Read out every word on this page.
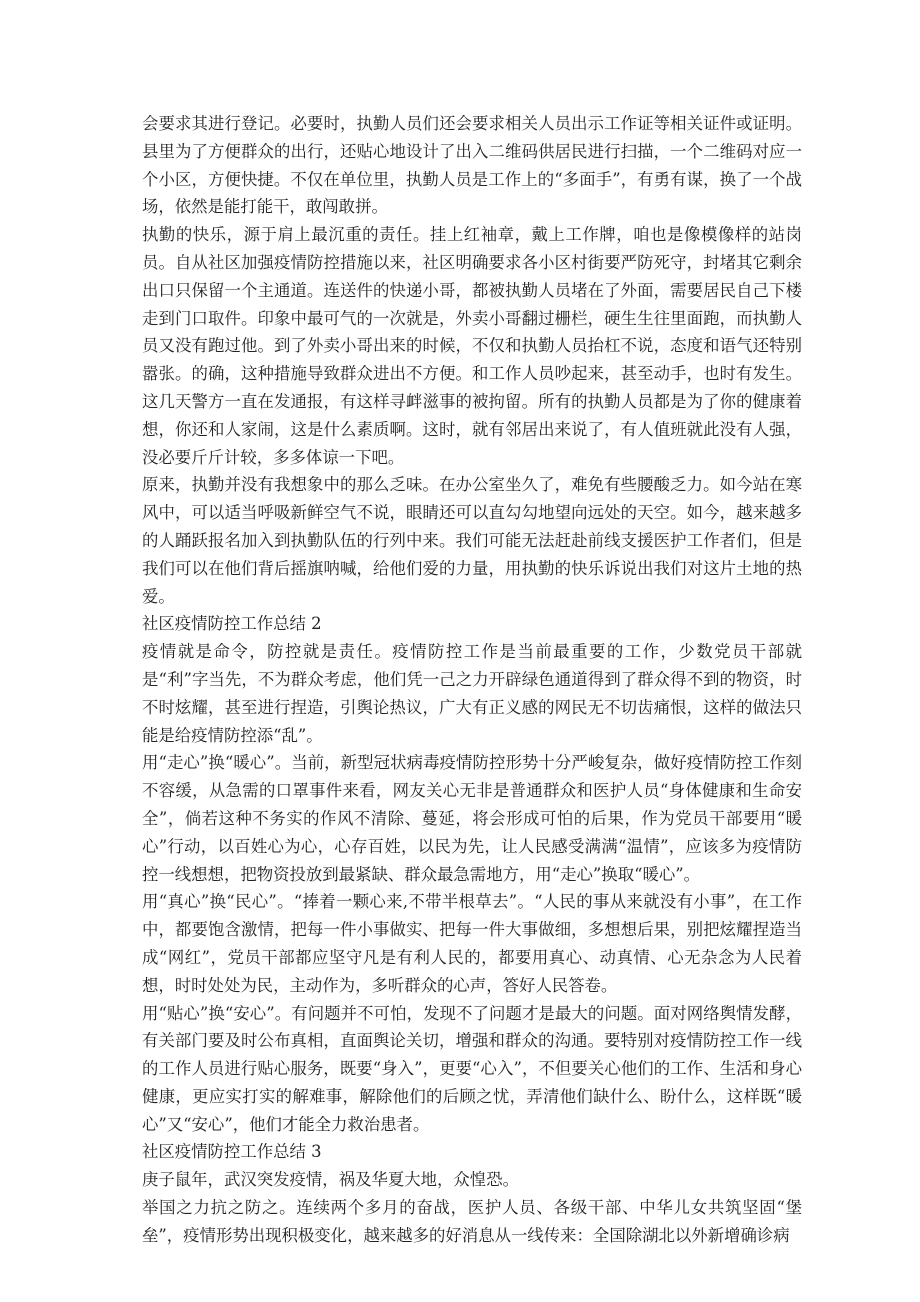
会要求其进行登记。必要时，执勤人员们还会要求相关人员出示工作证等相关证件或证明。县里为了方便群众的出行，还贴心地设计了出入二维码供居民进行扫描，一个二维码对应一个小区，方便快捷。不仅在单位里，执勤人员是工作上的“多面手”，有勇有谋，换了一个战场，依然是能打能干，敢闯敢拼。

执勤的快乐，源于肩上最沉重的责任。挂上红袖章，戴上工作牌，咱也是像模像样的站岗员。自从社区加强疫情防控措施以来，社区明确要求各小区村街要严防死守，封堵其它剩余出口只保留一个主通道。连送件的快递小哥，都被执勤人员堵在了外面，需要居民自己下楼走到门口取件。印象中最可气的一次就是，外卖小哥翻过栅栏，硬生生往里面跑，而执勤人员又没有跑过他。到了外卖小哥出来的时候，不仅和执勤人员抬杠不说，态度和语气还特别嚣张。的确，这种措施导致群众进出不方便。和工作人员吵起来，甚至动手，也时有发生。这几天警方一直在发通报，有这样寻衅滋事的被拘留。所有的执勤人员都是为了你的健康着想，你还和人家闹，这是什么素质啊。这时，就有邻居出来说了，有人值班就此没有人强，没必要斤斤计较，多多体谅一下吧。

原来，执勤并没有我想象中的那么乏味。在办公室坐久了，难免有些腰酸乏力。如今站在寒风中，可以适当呼吸新鲜空气不说，眼睛还可以直勾勾地望向远处的天空。如今，越来越多的人踊跃报名加入到执勤队伍的行列中来。我们可能无法赶赴前线支援医护工作者们，但是我们可以在他们背后摇旗呐喊，给他们爱的力量，用执勤的快乐诉说出我们对这片土地的热爱。

社区疫情防控工作总结 2

疫情就是命令，防控就是责任。疫情防控工作是当前最重要的工作，少数党员干部就是“利”字当先，不为群众考虑，他们凭一己之力开辟绿色通道得到了群众得不到的物资，时不时炫耀，甚至进行捏造，引舆论热议，广大有正义感的网民无不切齿痛恨，这样的做法只能是给疫情防控添“乱”。

用“走心”换“暖心”。当前，新型冠状病毒疫情防控形势十分严峻复杂，做好疫情防控工作刻不容缓，从急需的口罩事件来看，网友关心无非是普通群众和医护人员“身体健康和生命安全”，倘若这种不务实的作风不清除、蔓延，将会形成可怕的后果，作为党员干部要用“暖心”行动，以百姓心为心，心存百姓，以民为先，让人民感受满满“温情”，应该多为疫情防控一线想想，把物资投放到最紧缺、群众最急需地方，用“走心”换取“暖心”。

用“真心”换“民心”。“捧着一颗心来,不带半根草去”。“人民的事从来就没有小事”，在工作中，都要饱含激情，把每一件小事做实、把每一件大事做细，多想想后果，别把炫耀捏造当成“网红”，党员干部都应坚守凡是有利人民的，都要用真心、动真情、心无杂念为人民着想，时时处处为民，主动作为，多听群众的心声，答好人民答卷。

用“贴心”换“安心”。有问题并不可怕，发现不了问题才是最大的问题。面对网络舆情发酵，有关部门要及时公布真相，直面舆论关切，增强和群众的沟通。要特别对疫情防控工作一线的工作人员进行贴心服务，既要“身入”，更要“心入”，不但要关心他们的工作、生活和身心健康，更应实打实的解难事，解除他们的后顾之忧，弄清他们缺什么、盼什么，这样既“暖心”又“安心”，他们才能全力救治患者。

社区疫情防控工作总结 3

庚子鼠年，武汉突发疫情，祸及华夏大地，众惶恐。

举国之力抗之防之。连续两个多月的奋战，医护人员、各级干部、中华儿女共筑坚固“堡垒”，疫情形势出现积极变化，越来越多的好消息从一线传来：全国除湖北以外新增确诊病
